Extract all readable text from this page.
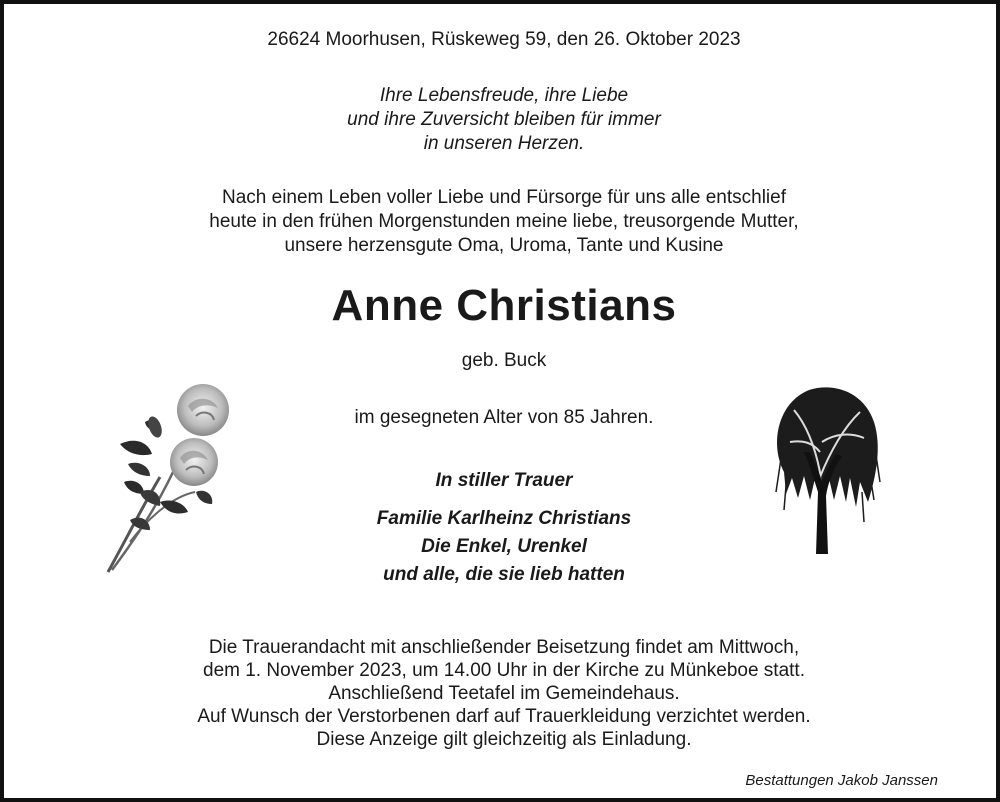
26624 Moorhusen, Rüskeweg 59, den 26. Oktober 2023
Ihre Lebensfreude, ihre Liebe
und ihre Zuversicht bleiben für immer
in unseren Herzen.
Nach einem Leben voller Liebe und Fürsorge für uns alle entschlief
heute in den frühen Morgenstunden meine liebe, treusorgende Mutter,
unsere herzensgute Oma, Uroma, Tante und Kusine
Anne Christians
geb. Buck
im gesegneten Alter von 85 Jahren.
In stiller Trauer
Familie Karlheinz Christians
Die Enkel, Urenkel
und alle, die sie lieb hatten
Die Trauerandacht mit anschließender Beisetzung findet am Mittwoch,
dem 1. November 2023, um 14.00 Uhr in der Kirche zu Münkeboe statt.
Anschließend Teetafel im Gemeindehaus.
Auf Wunsch der Verstorbenen darf auf Trauerkleidung verzichtet werden.
Diese Anzeige gilt gleichzeitig als Einladung.
Bestattungen Jakob Janssen
